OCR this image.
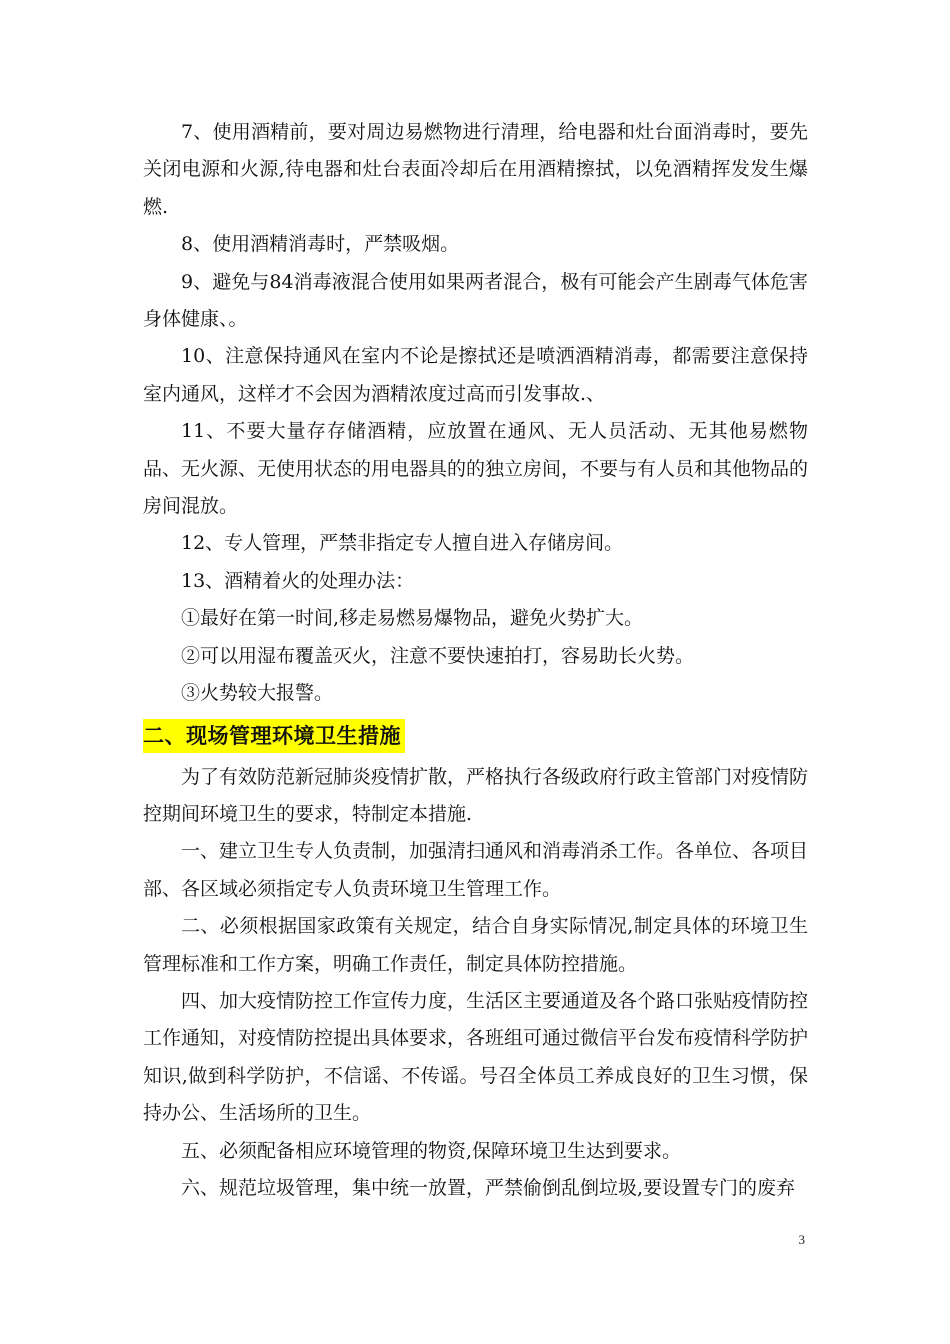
7、使用酒精前，要对周边易燃物进行清理，给电器和灶台面消毒时，要先关闭电源和火源,待电器和灶台表面冷却后在用酒精擦拭，以免酒精挥发发生爆燃.

8、使用酒精消毒时，严禁吸烟。

9、避免与84消毒液混合使用如果两者混合，极有可能会产生剧毒气体危害身体健康、。

10、注意保持通风在室内不论是擦拭还是喷洒酒精消毒，都需要注意保持室内通风，这样才不会因为酒精浓度过高而引发事故.、

11、不要大量存存储酒精，应放置在通风、无人员活动、无其他易燃物品、无火源、无使用状态的用电器具的的独立房间，不要与有人员和其他物品的房间混放。

12、专人管理，严禁非指定专人擅自进入存储房间。

13、酒精着火的处理办法：

①最好在第一时间,移走易燃易爆物品，避免火势扩大。

②可以用湿布覆盖灭火，注意不要快速拍打，容易助长火势。

③火势较大报警。

二、现场管理环境卫生措施

为了有效防范新冠肺炎疫情扩散，严格执行各级政府行政主管部门对疫情防控期间环境卫生的要求，特制定本措施.

一、建立卫生专人负责制，加强清扫通风和消毒消杀工作。各单位、各项目部、各区域必须指定专人负责环境卫生管理工作。

二、必须根据国家政策有关规定，结合自身实际情况,制定具体的环境卫生管理标准和工作方案，明确工作责任，制定具体防控措施。

四、加大疫情防控工作宣传力度，生活区主要通道及各个路口张贴疫情防控工作通知，对疫情防控提出具体要求，各班组可通过微信平台发布疫情科学防护知识,做到科学防护，不信谣、不传谣。号召全体员工养成良好的卫生习惯，保持办公、生活场所的卫生。

五、必须配备相应环境管理的物资,保障环境卫生达到要求。

六、规范垃圾管理，集中统一放置，严禁偷倒乱倒垃圾,要设置专门的废弃

3
